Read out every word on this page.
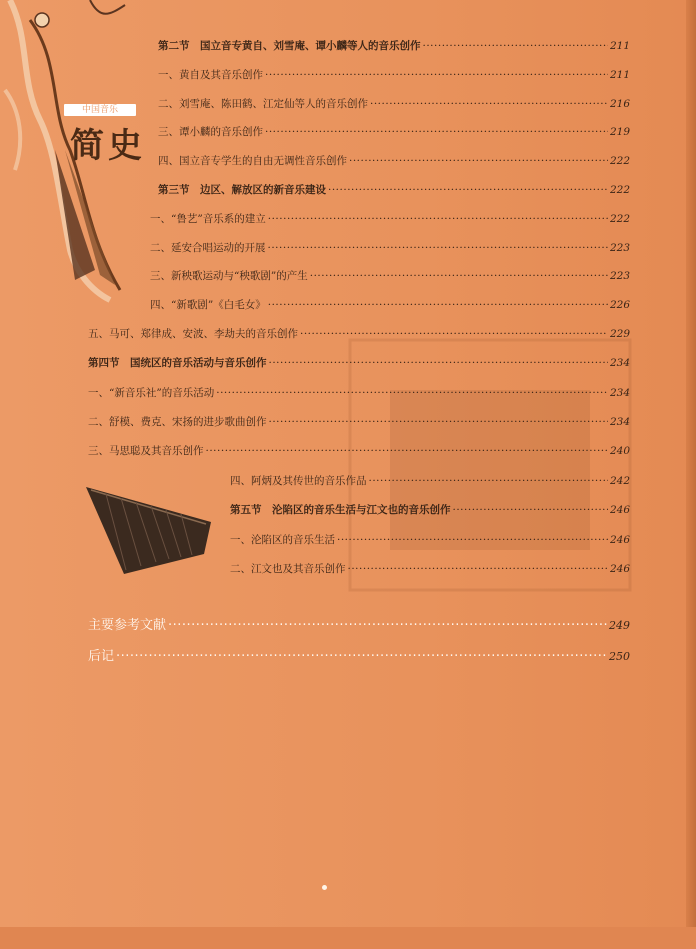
中国音乐
简史
第二节　国立音专黄自、刘雪庵、谭小麟等人的音乐创作 ·····	211
一、黄自及其音乐创作 ·····	211
二、刘雪庵、陈田鹤、江定仙等人的音乐创作 ·····	216
三、谭小麟的音乐创作 ·····	219
四、国立音专学生的自由无调性音乐创作 ·····	222
第三节　边区、解放区的新音乐建设 ·····	222
一、“鲁艺”音乐系的建立 ·····	222
二、延安合唱运动的开展 ·····	223
三、新秧歌运动与“秧歌剧”的产生 ·····	223
四、“新歌剧”《白毛女》 ·····	226
五、马可、郑律成、安波、李劫夫的音乐创作 ·····	229
第四节　国统区的音乐活动与音乐创作 ·····	234
一、“新音乐社”的音乐活动 ·····	234
二、舒模、费克、宋扬的进步歌曲创作 ·····	234
三、马思聪及其音乐创作 ·····	240
四、阿炳及其传世的音乐作品 ·····	242
第五节　沦陷区的音乐生活与江文也的音乐创作 ·····	246
一、沦陷区的音乐生活 ·····	246
二、江文也及其音乐创作 ·····	246
主要参考文献 ·····	249
后记 ·····	250
